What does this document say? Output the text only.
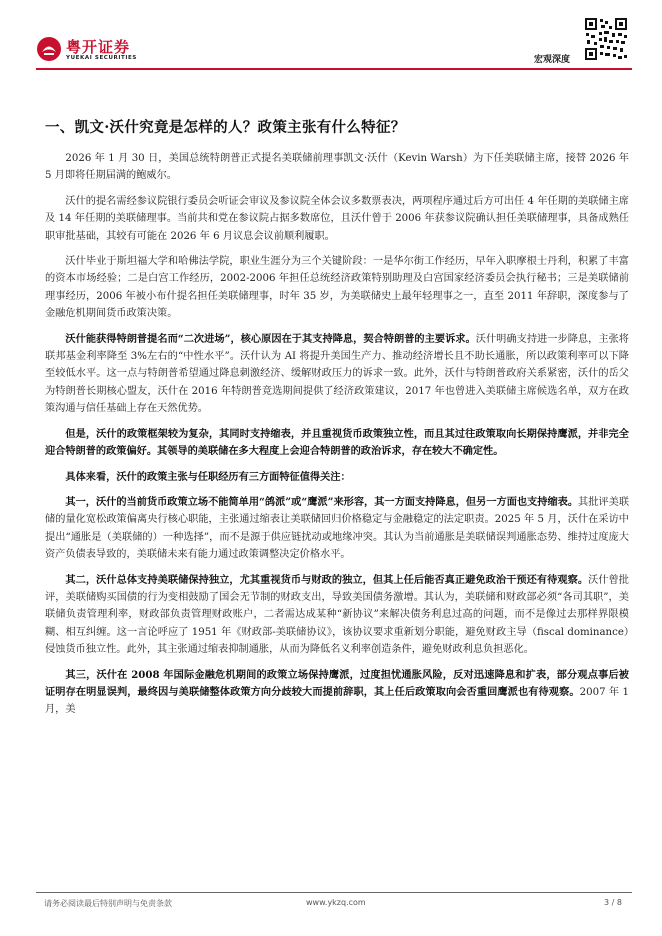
粤开证券
YUEKAI SECURITIES	宏观深度
一、凯文·沃什究竟是怎样的人？政策主张有什么特征？

2026 年 1 月 30 日，美国总统特朗普正式提名美联储前理事凯文·沃什（Kevin Warsh）为下任美联储主席，接替 2026 年 5 月即将任期届满的鲍威尔。

沃什的提名需经参议院银行委员会听证会审议及参议院全体会议多数票表决，两项程序通过后方可出任 4 年任期的美联储主席及 14 年任期的美联储理事。当前共和党在参议院占据多数席位，且沃什曾于 2006 年获参议院确认担任美联储理事，具备成熟任职审批基础，其较有可能在 2026 年 6 月议息会议前顺利履职。

沃什毕业于斯坦福大学和哈佛法学院，职业生涯分为三个关键阶段：一是华尔街工作经历，早年入职摩根士丹利，积累了丰富的资本市场经验；二是白宫工作经历，2002-2006 年担任总统经济政策特别助理及白宫国家经济委员会执行秘书；三是美联储前理事经历，2006 年被小布什提名担任美联储理事，时年 35 岁，为美联储史上最年轻理事之一，直至 2011 年辞职，深度参与了金融危机期间货币政策决策。

沃什能获得特朗普提名而“二次进场”，核心原因在于其支持降息，契合特朗普的主要诉求。沃什明确支持进一步降息，主张将联邦基金利率降至 3%左右的“中性水平”。沃什认为 AI 将提升美国生产力、推动经济增长且不助长通胀，所以政策利率可以下降至较低水平。这一点与特朗普希望通过降息刺激经济、缓解财政压力的诉求一致。此外，沃什与特朗普政府关系紧密，沃什的岳父为特朗普长期核心盟友，沃什在 2016 年特朗普竞选期间提供了经济政策建议，2017 年也曾进入美联储主席候选名单，双方在政策沟通与信任基础上存在天然优势。

但是，沃什的政策框架较为复杂，其同时支持缩表，并且重视货币政策独立性，而且其过往政策取向长期保持鹰派，并非完全迎合特朗普的政策偏好。其领导的美联储在多大程度上会迎合特朗普的政治诉求，存在较大不确定性。

具体来看，沃什的政策主张与任职经历有三方面特征值得关注：

其一，沃什的当前货币政策立场不能简单用“鸽派”或“鹰派”来形容，其一方面支持降息，但另一方面也支持缩表。其批评美联储的量化宽松政策偏离央行核心职能，主张通过缩表让美联储回归价格稳定与金融稳定的法定职责。2025 年 5 月，沃什在采访中提出“通胀是（美联储的）一种选择”，而不是源于供应链扰动或地缘冲突。其认为当前通胀是美联储误判通胀态势、维持过度庞大资产负债表导致的，美联储未来有能力通过政策调整决定价格水平。

其二，沃什总体支持美联储保持独立，尤其重视货币与财政的独立，但其上任后能否真正避免政治干预还有待观察。沃什曾批评，美联储购买国债的行为变相鼓励了国会无节制的财政支出，导致美国债务激增。其认为，美联储和财政部必须“各司其职”，美联储负责管理利率，财政部负责管理财政账户，二者需达成某种“新协议”来解决债务利息过高的问题，而不是像过去那样界限模糊、相互纠缠。这一言论呼应了 1951 年《财政部-美联储协议》，该协议要求重新划分职能，避免财政主导（fiscal dominance）侵蚀货币独立性。此外，其主张通过缩表抑制通胀，从而为降低名义利率创造条件，避免财政利息负担恶化。

其三，沃什在 2008 年国际金融危机期间的政策立场保持鹰派，过度担忧通胀风险，反对迅速降息和扩表，部分观点事后被证明存在明显误判，最终因与美联储整体政策方向分歧较大而提前辞职，其上任后政策取向会否重回鹰派也有待观察。2007 年 1 月，美

请务必阅读最后特别声明与免责条款	www.ykzq.com	3 / 8
